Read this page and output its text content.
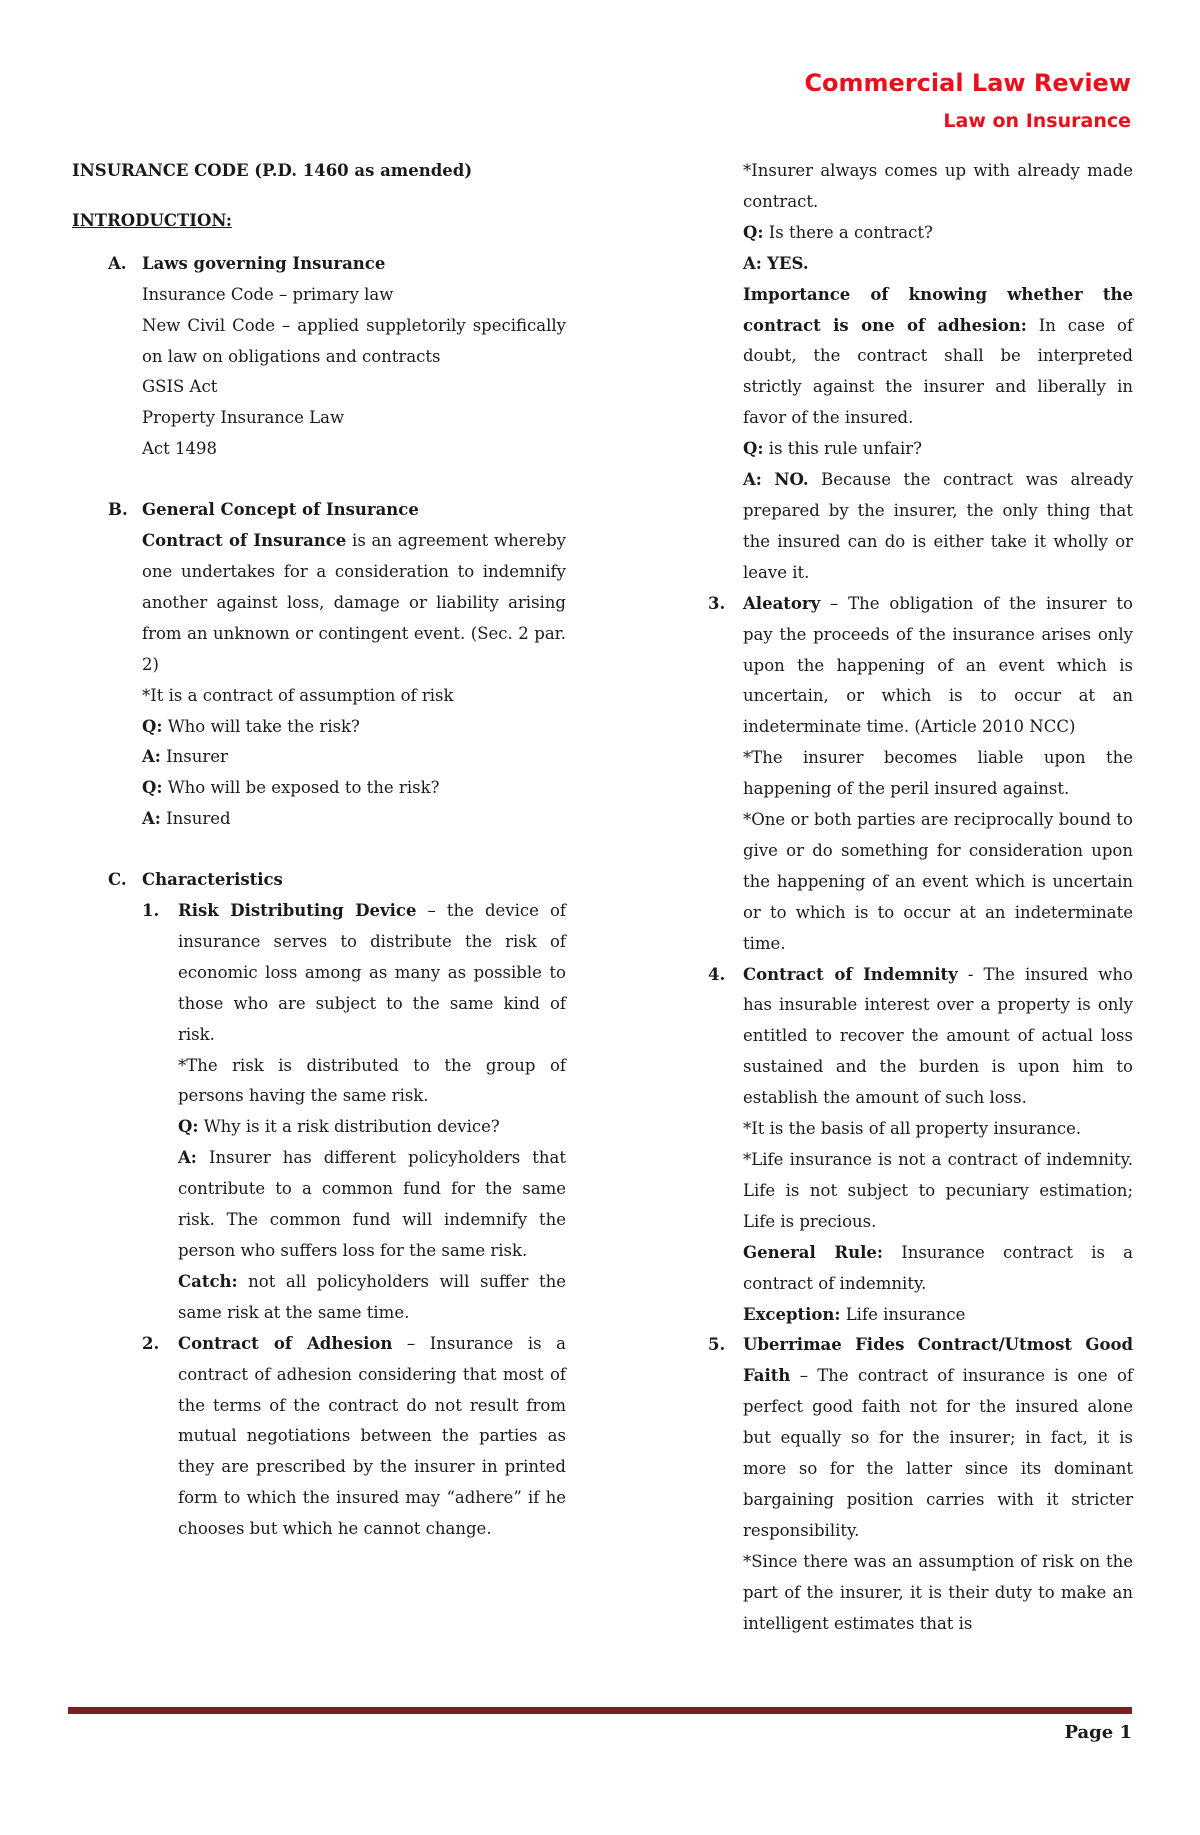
Commercial Law Review
Law on Insurance

INSURANCE CODE (P.D. 1460 as amended)

INTRODUCTION:

A. Laws governing Insurance

Insurance Code – primary law

New Civil Code – applied suppletorily specifically on law on obligations and contracts

GSIS Act

Property Insurance Law

Act 1498

B. General Concept of Insurance

Contract of Insurance is an agreement whereby one undertakes for a consideration to indemnify another against loss, damage or liability arising from an unknown or contingent event. (Sec. 2 par. 2)

*It is a contract of assumption of risk

Q: Who will take the risk?

A: Insurer

Q: Who will be exposed to the risk?

A: Insured

C. Characteristics

1. Risk Distributing Device – the device of insurance serves to distribute the risk of economic loss among as many as possible to those who are subject to the same kind of risk.

*The risk is distributed to the group of persons having the same risk.

Q: Why is it a risk distribution device?

A: Insurer has different policyholders that contribute to a common fund for the same risk. The common fund will indemnify the person who suffers loss for the same risk.

Catch: not all policyholders will suffer the same risk at the same time.

2. Contract of Adhesion – Insurance is a contract of adhesion considering that most of the terms of the contract do not result from mutual negotiations between the parties as they are prescribed by the insurer in printed form to which the insured may “adhere” if he chooses but which he cannot change.

*Insurer always comes up with already made contract.

Q: Is there a contract?

A: YES.

Importance of knowing whether the contract is one of adhesion: In case of doubt, the contract shall be interpreted strictly against the insurer and liberally in favor of the insured.

Q: is this rule unfair?

A: NO. Because the contract was already prepared by the insurer, the only thing that the insured can do is either take it wholly or leave it.

3. Aleatory – The obligation of the insurer to pay the proceeds of the insurance arises only upon the happening of an event which is uncertain, or which is to occur at an indeterminate time. (Article 2010 NCC)

*The insurer becomes liable upon the happening of the peril insured against.

*One or both parties are reciprocally bound to give or do something for consideration upon the happening of an event which is uncertain or to which is to occur at an indeterminate time.

4. Contract of Indemnity - The insured who has insurable interest over a property is only entitled to recover the amount of actual loss sustained and the burden is upon him to establish the amount of such loss.

*It is the basis of all property insurance.

*Life insurance is not a contract of indemnity. Life is not subject to pecuniary estimation; Life is precious.

General Rule: Insurance contract is a contract of indemnity.

Exception: Life insurance

5. Uberrimae Fides Contract/Utmost Good Faith – The contract of insurance is one of perfect good faith not for the insured alone but equally so for the insurer; in fact, it is more so for the latter since its dominant bargaining position carries with it stricter responsibility.

*Since there was an assumption of risk on the part of the insurer, it is their duty to make an intelligent estimates that is

Page 1
